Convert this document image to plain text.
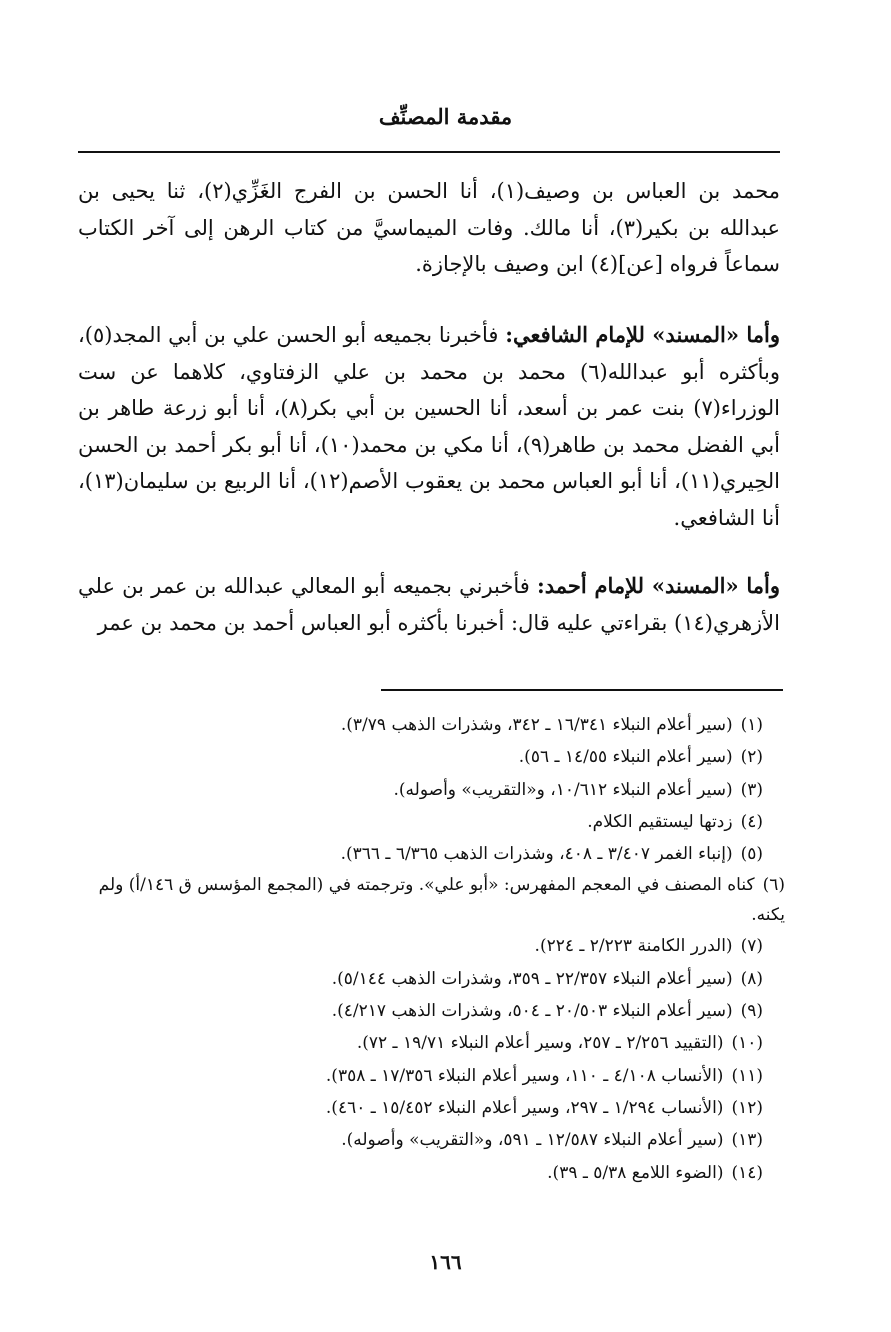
مقدمة المصنِّف

محمد بن العباس بن وصيف(١)، أنا الحسن بن الفرج الغَزِّي(٢)، ثنا يحيى بن عبدالله بن بكير(٣)، أنا مالك. وفات الميماسيَّ من كتاب الرهن إلى آخر الكتاب سماعاً فرواه [عن](٤) ابن وصيف بالإجازة.

وأما «المسند» للإمام الشافعي: فأخبرنا بجميعه أبو الحسن علي بن أبي المجد(٥)، وبأكثره أبو عبدالله(٦) محمد بن محمد بن علي الزفتاوي، كلاهما عن ست الوزراء(٧) بنت عمر بن أسعد، أنا الحسين بن أبي بكر(٨)، أنا أبو زرعة طاهر بن أبي الفضل محمد بن طاهر(٩)، أنا مكي بن محمد(١٠)، أنا أبو بكر أحمد بن الحسن الحِيري(١١)، أنا أبو العباس محمد بن يعقوب الأصم(١٢)، أنا الربيع بن سليمان(١٣)، أنا الشافعي.

وأما «المسند» للإمام أحمد: فأخبرني بجميعه أبو المعالي عبدالله بن عمر بن علي الأزهري(١٤) بقراءتي عليه قال: أخبرنا بأكثره أبو العباس أحمد بن محمد بن عمر

(١)(سير أعلام النبلاء ١٦/٣٤١ ـ ٣٤٢، وشذرات الذهب ٣/٧٩).
(٢)(سير أعلام النبلاء ١٤/٥٥ ـ ٥٦).
(٣)(سير أعلام النبلاء ١٠/٦١٢، و«التقريب» وأصوله).
(٤)زدتها ليستقيم الكلام.
(٥)(إنباء الغمر ٣/٤٠٧ ـ ٤٠٨، وشذرات الذهب ٦/٣٦٥ ـ ٣٦٦).
(٦)كناه المصنف في المعجم المفهرس: «أبو علي». وترجمته في (المجمع المؤسس ق ١٤٦/أ) ولم يكنه.
(٧)(الدرر الكامنة ٢/٢٢٣ ـ ٢٢٤).
(٨)(سير أعلام النبلاء ٢٢/٣٥٧ ـ ٣٥٩، وشذرات الذهب ٥/١٤٤).
(٩)(سير أعلام النبلاء ٢٠/٥٠٣ ـ ٥٠٤، وشذرات الذهب ٤/٢١٧).
(١٠)(التقييد ٢/٢٥٦ ـ ٢٥٧، وسير أعلام النبلاء ١٩/٧١ ـ ٧٢).
(١١)(الأنساب ٤/١٠٨ ـ ١١٠، وسير أعلام النبلاء ١٧/٣٥٦ ـ ٣٥٨).
(١٢)(الأنساب ١/٢٩٤ ـ ٢٩٧، وسير أعلام النبلاء ١٥/٤٥٢ ـ ٤٦٠).
(١٣)(سير أعلام النبلاء ١٢/٥٨٧ ـ ٥٩١، و«التقريب» وأصوله).
(١٤)(الضوء اللامع ٥/٣٨ ـ ٣٩).
١٦٦
